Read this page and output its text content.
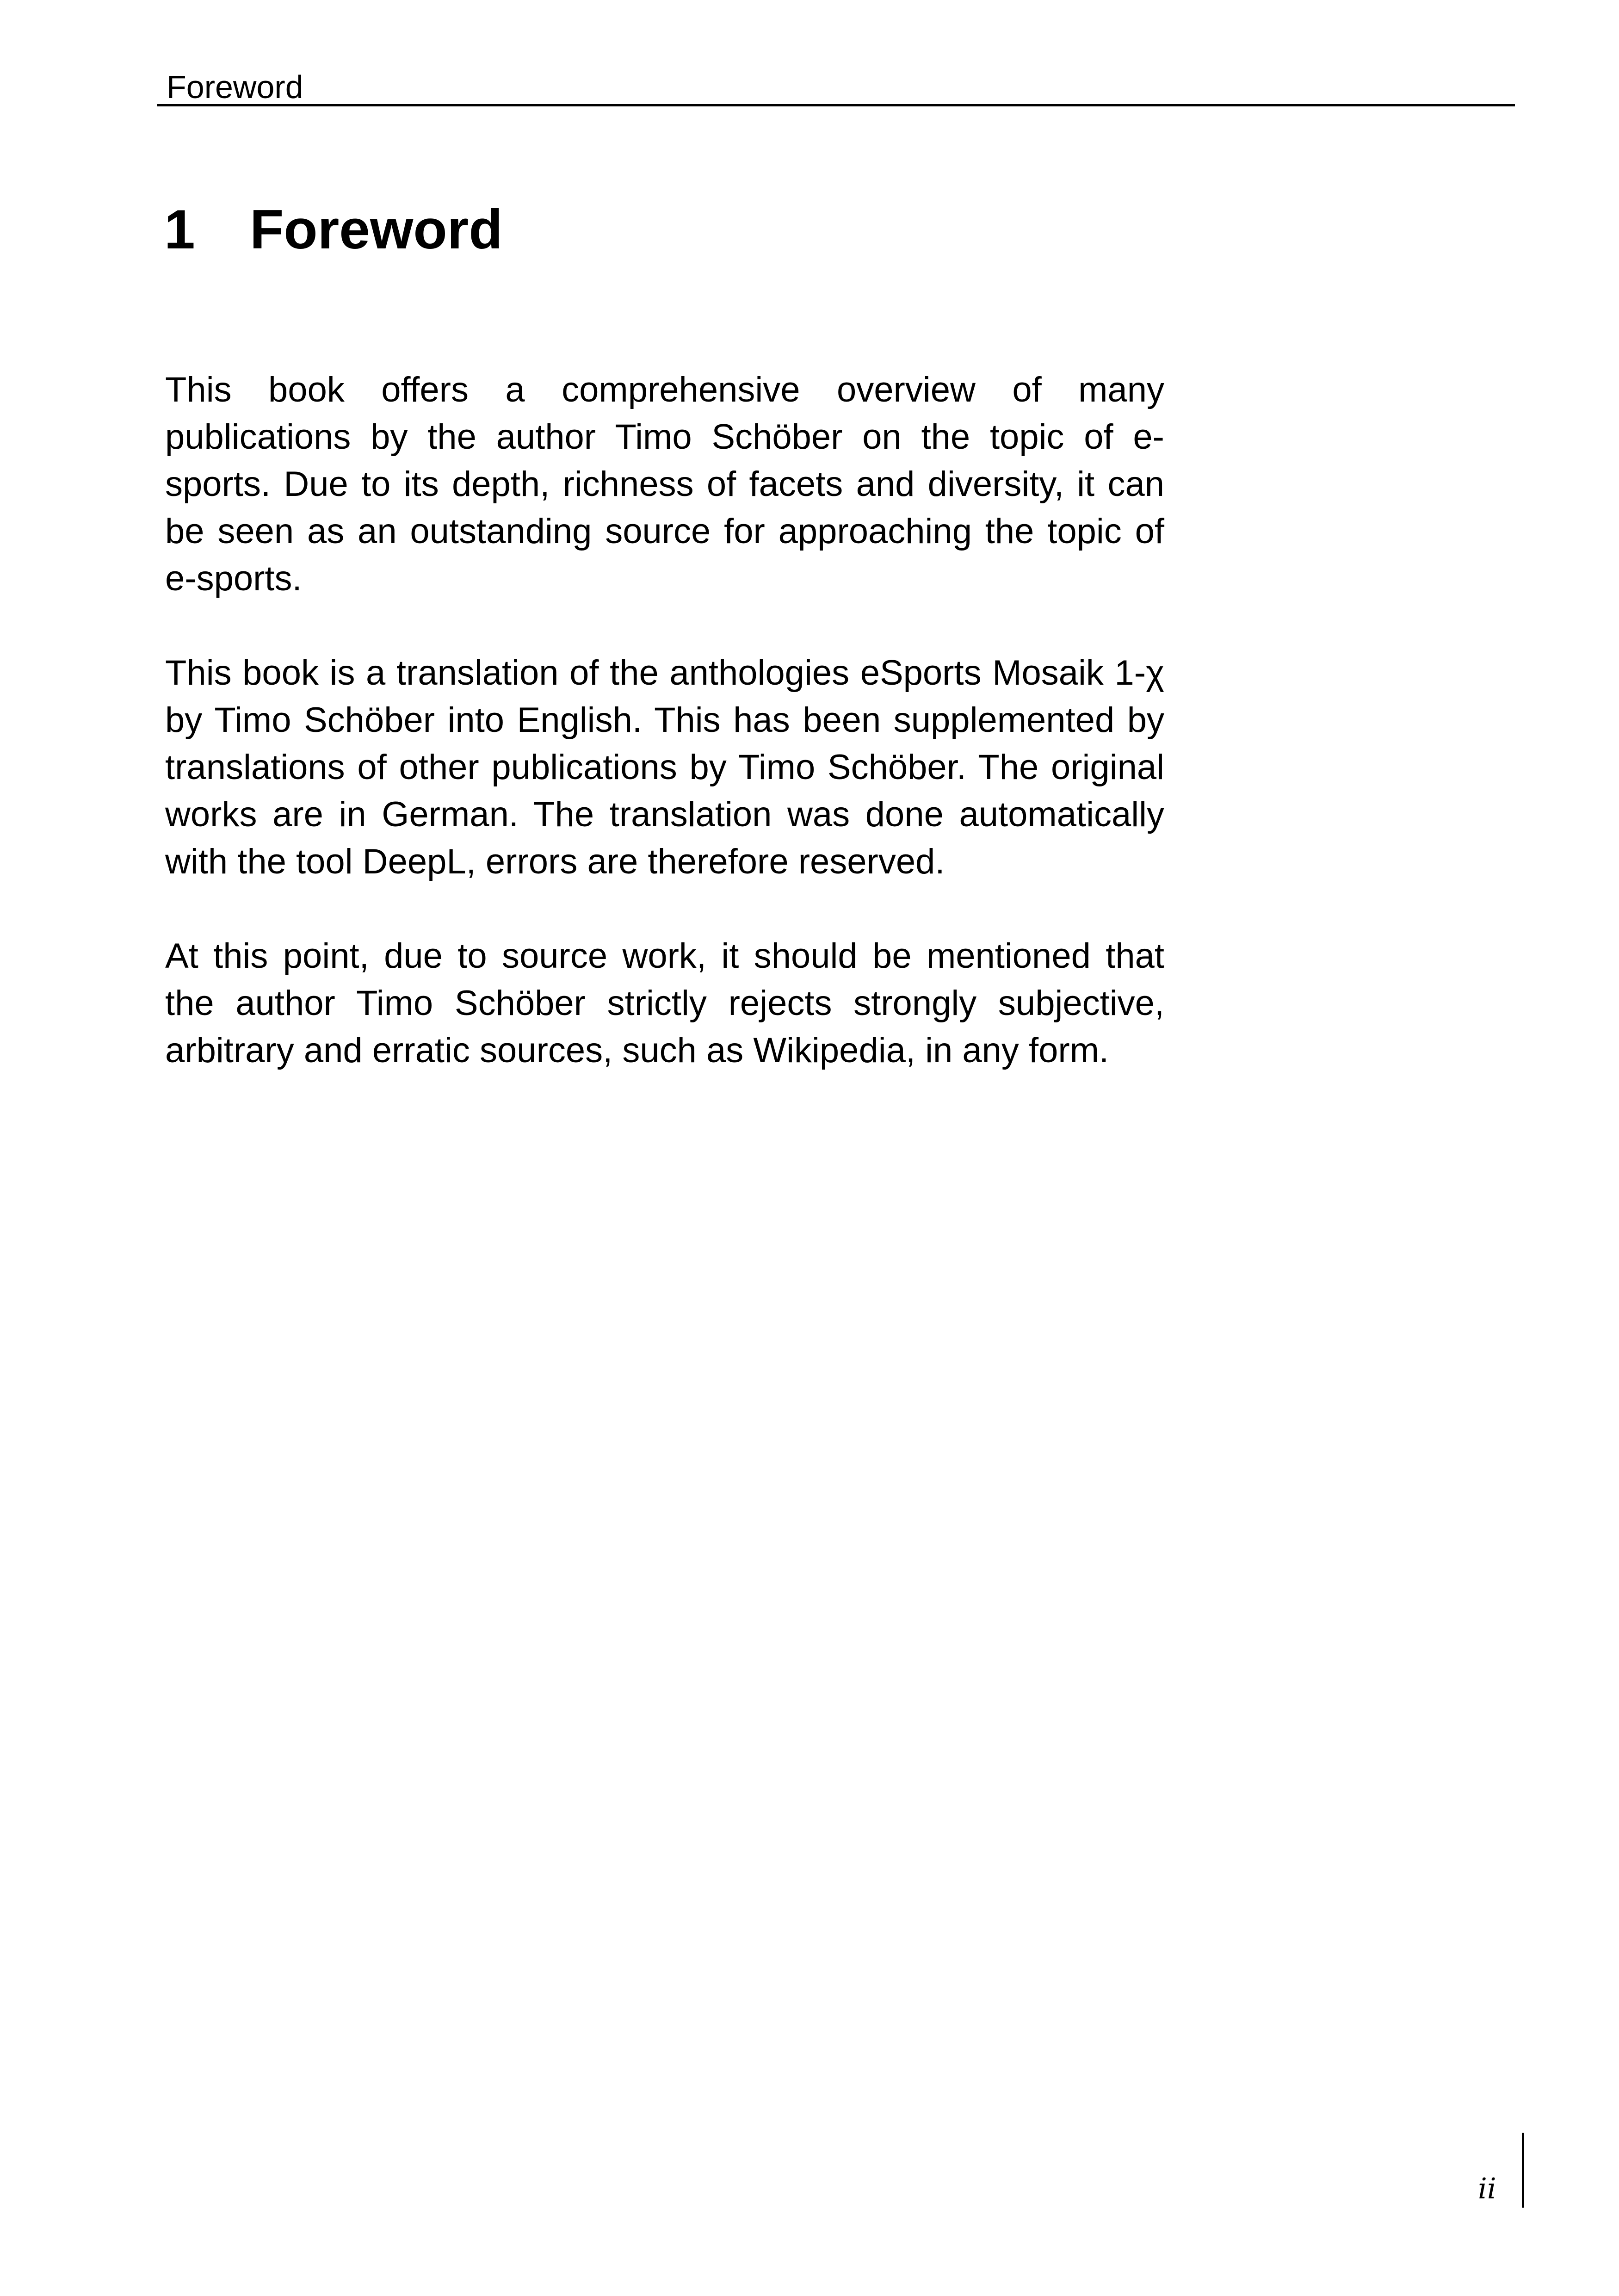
Foreword
1 Foreword

This book offers a comprehensive overview of many publications by the author Timo Schöber on the topic of e-sports. Due to its depth, richness of facets and diversity, it can be seen as an outstanding source for approaching the topic of e-sports.

This book is a translation of the anthologies eSports Mosaik 1-χ by Timo Schöber into English. This has been supplemented by translations of other publications by Timo Schöber. The original works are in German. The translation was done automatically with the tool DeepL, errors are therefore reserved.

At this point, due to source work, it should be mentioned that the author Timo Schöber strictly rejects strongly subjective, arbitrary and erratic sources, such as Wikipedia, in any form.

ii
